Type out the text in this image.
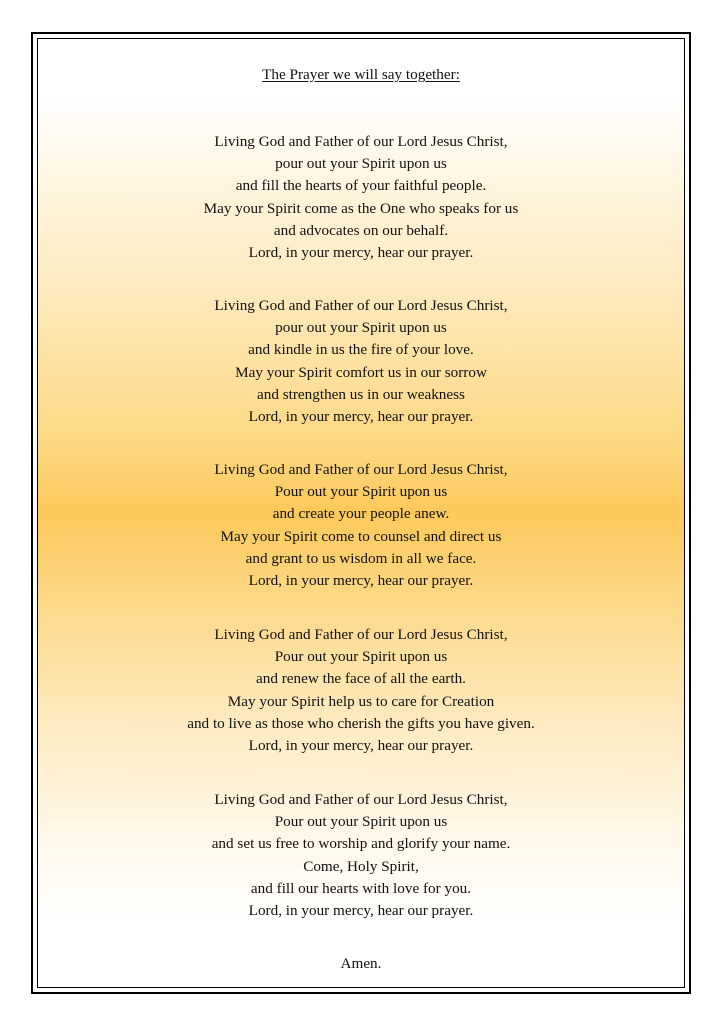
The Prayer we will say together:
Living God and Father of our Lord Jesus Christ,
pour out your Spirit upon us
and fill the hearts of your faithful people.
May your Spirit come as the One who speaks for us
and advocates on our behalf.
Lord, in your mercy, hear our prayer.
Living God and Father of our Lord Jesus Christ,
pour out your Spirit upon us
and kindle in us the fire of your love.
May your Spirit comfort us in our sorrow
and strengthen us in our weakness
Lord, in your mercy, hear our prayer.
Living God and Father of our Lord Jesus Christ,
Pour out your Spirit upon us
and create your people anew.
May your Spirit come to counsel and direct us
and grant to us wisdom in all we face.
Lord, in your mercy, hear our prayer.
Living God and Father of our Lord Jesus Christ,
Pour out your Spirit upon us
and renew the face of all the earth.
May your Spirit help us to care for Creation
and to live as those who cherish the gifts you have given.
Lord, in your mercy, hear our prayer.
Living God and Father of our Lord Jesus Christ,
Pour out your Spirit upon us
and set us free to worship and glorify your name.
Come, Holy Spirit,
and fill our hearts with love for you.
Lord, in your mercy, hear our prayer.
Amen.
